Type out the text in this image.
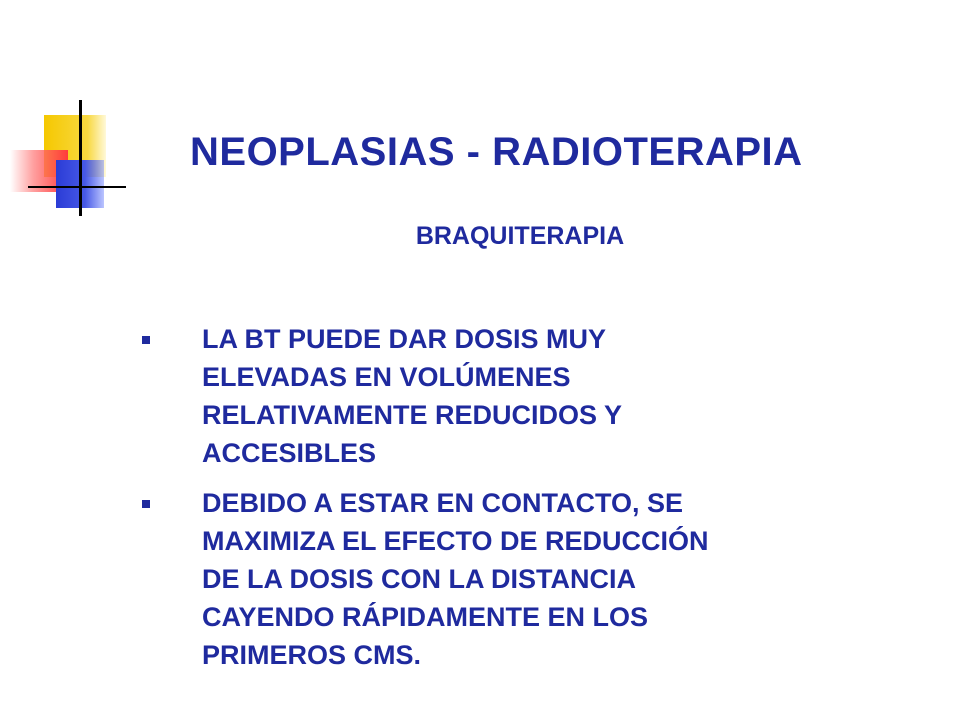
NEOPLASIAS - RADIOTERAPIA
BRAQUITERAPIA
LA BT PUEDE DAR DOSIS MUY
ELEVADAS EN VOLÚMENES
RELATIVAMENTE REDUCIDOS Y
ACCESIBLES
DEBIDO A ESTAR EN CONTACTO, SE
MAXIMIZA EL EFECTO DE REDUCCIÓN
DE LA DOSIS CON LA DISTANCIA
CAYENDO RÁPIDAMENTE EN LOS
PRIMEROS CMS.
